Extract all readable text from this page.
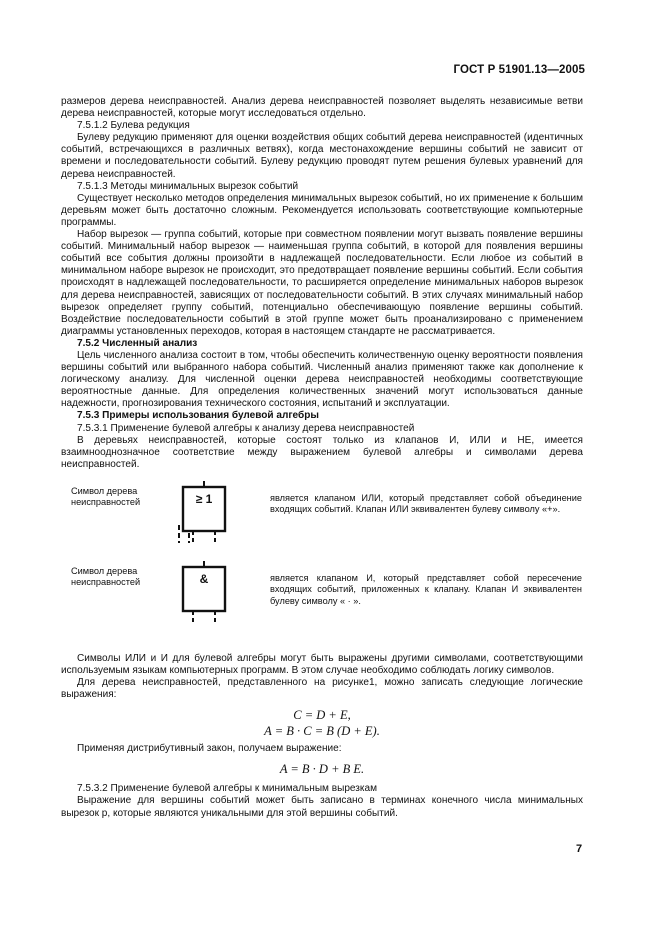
ГОСТ Р 51901.13—2005

размеров дерева неисправностей. Анализ дерева неисправностей позволяет выделять независимые ветви дерева неисправностей, которые могут исследоваться отдельно.

7.5.1.2 Булева редукция

Булеву редукцию применяют для оценки воздействия общих событий дерева неисправностей (идентичных событий, встречающихся в различных ветвях), когда местонахождение вершины событий не зависит от времени и последовательности событий. Булеву редукцию проводят путем решения булевых уравнений для дерева неисправностей.

7.5.1.3 Методы минимальных вырезок событий

Существует несколько методов определения минимальных вырезок событий, но их применение к большим деревьям может быть достаточно сложным. Рекомендуется использовать соответствующие компьютерные программы.

Набор вырезок — группа событий, которые при совместном появлении могут вызвать появление вершины событий. Минимальный набор вырезок — наименьшая группа событий, в которой для появления вершины событий все события должны произойти в надлежащей последовательности. Если любое из событий в минимальном наборе вырезок не происходит, это предотвращает появление вершины событий. Если события происходят в надлежащей последовательности, то расширяется определение минимальных наборов вырезок для дерева неисправностей, зависящих от последовательности событий. В этих случаях минимальный набор вырезок определяет группу событий, потенциально обеспечивающую появление вершины событий. Воздействие последовательности событий в этой группе может быть проанализировано с применением диаграммы установленных переходов, которая в настоящем стандарте не рассматривается.

7.5.2 Численный анализ

Цель численного анализа состоит в том, чтобы обеспечить количественную оценку вероятности появления вершины событий или выбранного набора событий. Численный анализ применяют также как дополнение к логическому анализу. Для численной оценки дерева неисправностей необходимы соответствующие вероятностные данные. Для определения количественных значений могут использоваться данные надежности, прогнозирования технического состояния, испытаний и эксплуатации.

7.5.3 Примеры использования булевой алгебры

7.5.3.1 Применение булевой алгебры к анализу дерева неисправностей

В деревьях неисправностей, которые состоят только из клапанов И, ИЛИ и НЕ, имеется взаимнооднозначное соответствие между выражением булевой алгебры и символами дерева неисправностей.

Символ дерева неисправностей	≥ 1	является клапаном ИЛИ, который представляет собой объединение входящих событий. Клапан ИЛИ эквивалентен булеву символу «+».
Символ дерева неисправностей	&	является клапаном И, который представляет собой пересечение входящих событий, приложенных к клапану. Клапан И эквивалентен булеву символу « · ».

Символы ИЛИ и И для булевой алгебры могут быть выражены другими символами, соответствующими используемым языкам компьютерных программ. В этом случае необходимо соблюдать логику символов.

Для дерева неисправностей, представленного на рисунке1, можно записать следующие логические выражения:

C = D + E,
A = B · C = B (D + E).

Применяя дистрибутивный закон, получаем выражение:

A = B · D + B E.

7.5.3.2 Применение булевой алгебры к минимальным вырезкам

Выражение для вершины событий может быть записано в терминах конечного числа минимальных вырезок p, которые являются уникальными для этой вершины событий.

7
